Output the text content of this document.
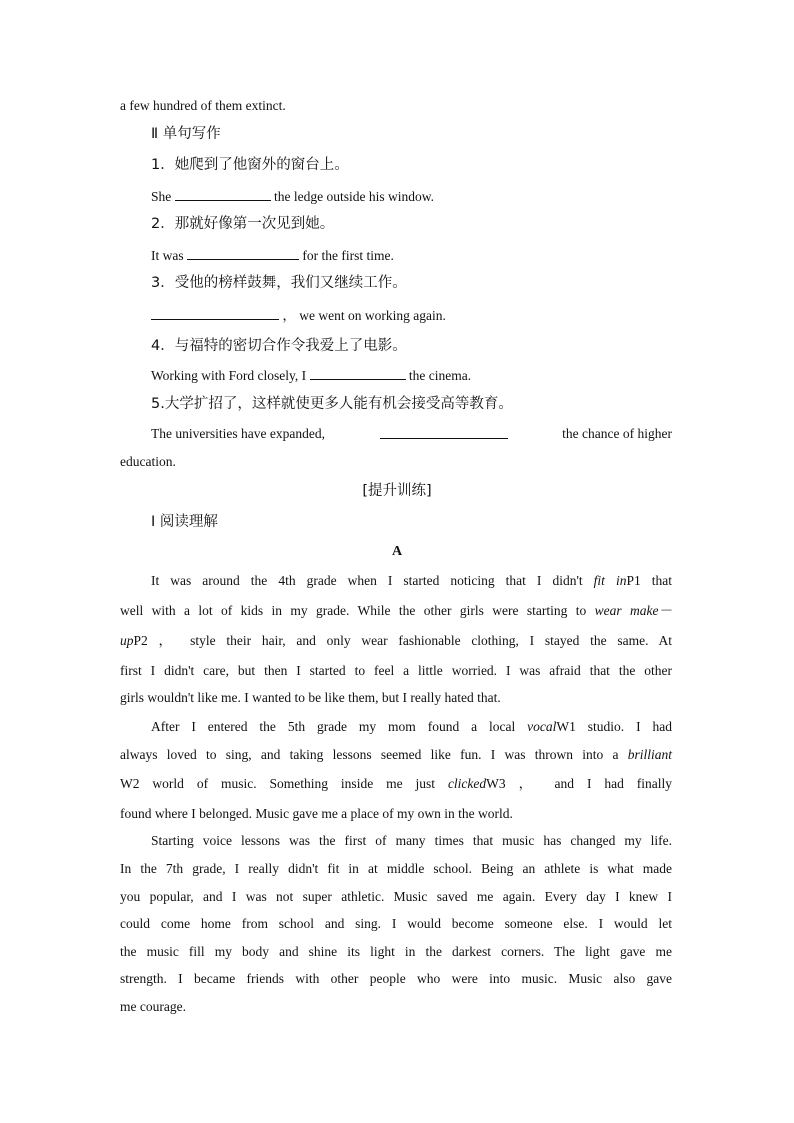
a few hundred of them extinct.
Ⅱ 单句写作
1．她爬到了他窗外的窗台上。
She	the ledge outside his window.
2．那就好像第一次见到她。
It was	for the first time.
3．受他的榜样鼓舞，我们又继续工作。
， we went on working again.
4．与福特的密切合作令我爱上了电影。
Working with Ford closely, I	the cinema.
5.大学扩招了，这样就使更多人能有机会接受高等教育。
The universities have expanded,	the chance of higher
education.
[提升训练]
Ⅰ 阅读理解
A
It was around the 4th grade when I started noticing that I didn't fit inP1 that
well with a lot of kids in my grade. While the other girls were starting to wear make－
upP2 ， style their hair, and only wear fashionable clothing, I stayed the same. At
first I didn't care, but then I started to feel a little worried. I was afraid that the other
girls wouldn't like me. I wanted to be like them, but I really hated that.
After I entered the 5th grade my mom found a local vocalW1 studio. I had
always loved to sing, and taking lessons seemed like fun. I was thrown into a brilliant
W2 world of music. Something inside me just clickedW3 ， and I had finally
found where I belonged. Music gave me a place of my own in the world.
Starting voice lessons was the first of many times that music has changed my life.
In the 7th grade, I really didn't fit in at middle school. Being an athlete is what made
you popular, and I was not super athletic. Music saved me again. Every day I knew I
could come home from school and sing. I would become someone else. I would let
the music fill my body and shine its light in the darkest corners. The light gave me
strength. I became friends with other people who were into music. Music also gave
me courage.
